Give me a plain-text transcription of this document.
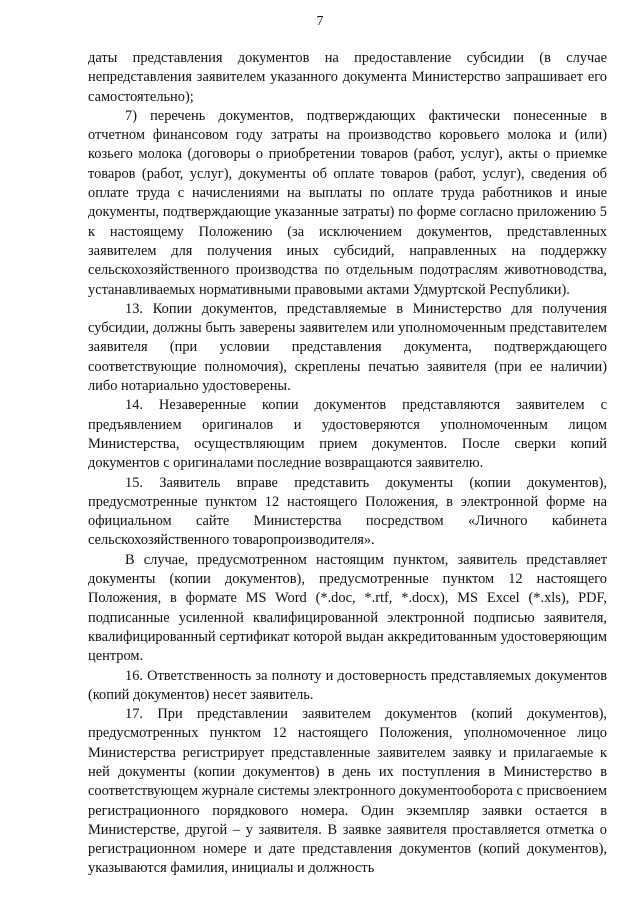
7

даты представления документов на предоставление субсидии (в случае непредставления заявителем указанного документа Министерство запрашивает его самостоятельно);

7) перечень документов, подтверждающих фактически понесенные в отчетном финансовом году затраты на производство коровьего молока и (или) козьего молока (договоры о приобретении товаров (работ, услуг), акты о приемке товаров (работ, услуг), документы об оплате товаров (работ, услуг), сведения об оплате труда с начислениями на выплаты по оплате труда работников и иные документы, подтверждающие указанные затраты) по форме согласно приложению 5 к настоящему Положению (за исключением документов, представленных заявителем для получения иных субсидий, направленных на поддержку сельскохозяйственного производства по отдельным подотраслям животноводства, устанавливаемых нормативными правовыми актами Удмуртской Республики).

13. Копии документов, представляемые в Министерство для получения субсидии, должны быть заверены заявителем или уполномоченным представителем заявителя (при условии представления документа, подтверждающего соответствующие полномочия), скреплены печатью заявителя (при ее наличии) либо нотариально удостоверены.

14. Незаверенные копии документов представляются заявителем с предъявлением оригиналов и удостоверяются уполномоченным лицом Министерства, осуществляющим прием документов. После сверки копий документов с оригиналами последние возвращаются заявителю.

15. Заявитель вправе представить документы (копии документов), предусмотренные пунктом 12 настоящего Положения, в электронной форме на официальном сайте Министерства посредством «Личного кабинета сельскохозяйственного товаропроизводителя».

В случае, предусмотренном настоящим пунктом, заявитель представляет документы (копии документов), предусмотренные пунктом 12 настоящего Положения, в формате MS Word (*.doc, *.rtf, *.docx), MS Excel (*.xls), PDF, подписанные усиленной квалифицированной электронной подписью заявителя, квалифицированный сертификат которой выдан аккредитованным удостоверяющим центром.

16. Ответственность за полноту и достоверность представляемых документов (копий документов) несет заявитель.

17. При представлении заявителем документов (копий документов), предусмотренных пунктом 12 настоящего Положения, уполномоченное лицо Министерства регистрирует представленные заявителем заявку и прилагаемые к ней документы (копии документов) в день их поступления в Министерство в соответствующем журнале системы электронного документооборота с присвоением регистрационного порядкового номера. Один экземпляр заявки остается в Министерстве, другой – у заявителя. В заявке заявителя проставляется отметка о регистрационном номере и дате представления документов (копий документов), указываются фамилия, инициалы и должность
